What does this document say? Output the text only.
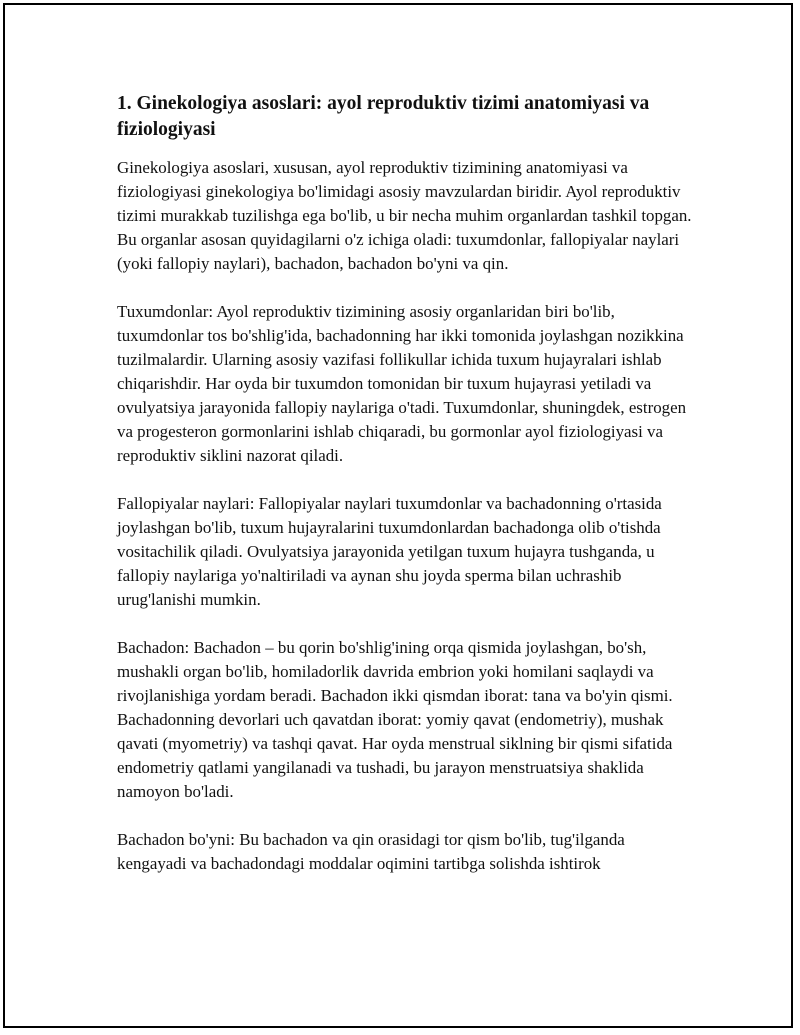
1. Ginekologiya asoslari: ayol reproduktiv tizimi anatomiyasi va fiziologiyasi

Ginekologiya asoslari, xususan, ayol reproduktiv tizimining anatomiyasi va fiziologiyasi ginekologiya bo'limidagi asosiy mavzulardan biridir. Ayol reproduktiv tizimi murakkab tuzilishga ega bo'lib, u bir necha muhim organlardan tashkil topgan. Bu organlar asosan quyidagilarni o'z ichiga oladi: tuxumdonlar, fallopiyalar naylari (yoki fallopiy naylari), bachadon, bachadon bo'yni va qin.

Tuxumdonlar: Ayol reproduktiv tizimining asosiy organlaridan biri bo'lib, tuxumdonlar tos bo'shlig'ida, bachadonning har ikki tomonida joylashgan nozikkina tuzilmalardir. Ularning asosiy vazifasi follikullar ichida tuxum hujayralari ishlab chiqarishdir. Har oyda bir tuxumdon tomonidan bir tuxum hujayrasi yetiladi va ovulyatsiya jarayonida fallopiy naylariga o'tadi. Tuxumdonlar, shuningdek, estrogen va progesteron gormonlarini ishlab chiqaradi, bu gormonlar ayol fiziologiyasi va reproduktiv siklini nazorat qiladi.

Fallopiyalar naylari: Fallopiyalar naylari tuxumdonlar va bachadonning o'rtasida joylashgan bo'lib, tuxum hujayralarini tuxumdonlardan bachadonga olib o'tishda vositachilik qiladi. Ovulyatsiya jarayonida yetilgan tuxum hujayra tushganda, u fallopiy naylariga yo'naltiriladi va aynan shu joyda sperma bilan uchrashib urug'lanishi mumkin.

Bachadon: Bachadon – bu qorin bo'shlig'ining orqa qismida joylashgan, bo'sh, mushakli organ bo'lib, homiladorlik davrida embrion yoki homilani saqlaydi va rivojlanishiga yordam beradi. Bachadon ikki qismdan iborat: tana va bo'yin qismi. Bachadonning devorlari uch qavatdan iborat: yomiy qavat (endometriy), mushak qavati (myometriy) va tashqi qavat. Har oyda menstrual siklning bir qismi sifatida endometriy qatlami yangilanadi va tushadi, bu jarayon menstruatsiya shaklida namoyon bo'ladi.

Bachadon bo'yni: Bu bachadon va qin orasidagi tor qism bo'lib, tug'ilganda kengayadi va bachadondagi moddalar oqimini tartibga solishda ishtirok
